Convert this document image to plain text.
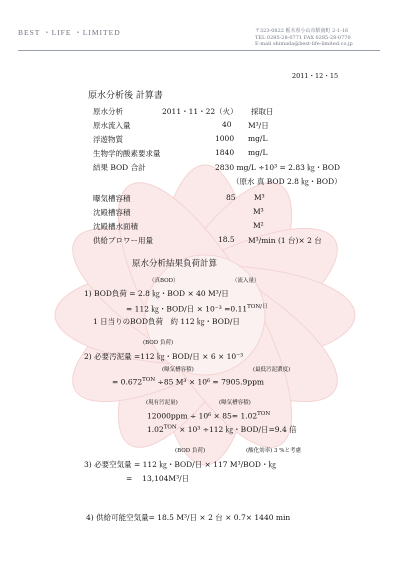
BEST ・LIFE ・LIMITED	〒323-0822 栃木県小山市駅南町 2-1-16
TEL 0285-28-0771 FAX 0285-28-0770
E-mail shimada@best-life-limited.co.jp
2011・12・15
原水分析後 計算書
原水分析	2011・11・22（火） 採取日
原水流入量	40 M³/日
浮遊物質	1000 mg/L
生物学的酸素要求量	1840 mg/L
結果 BOD 合計	2830 mg/L ÷10³ = 2.83 ㎏・BOD
（原水 真 BOD 2.8 ㎏・BOD）
曝気槽容積	85 M³
沈殿槽容積	M³
沈殿槽水面積	M²
供給ブロワー用量	18.5 M³/min (1 台)× 2 台
原水分析結果負荷計算
（真BOD）	（流入量）
1) BOD負荷 = 2.8 ㎏・BOD × 40 M³/日
= 112 ㎏・BOD/日 × $10^{-3} =0.11^{TON/日}$
1 日当りのBOD負荷　約 112 ㎏・BOD/日
(BOD 負荷)
2) 必要汚泥量 =112 ㎏・BOD/日 × 6 × 10⁻³
(曝気槽容積)	(最低汚泥濃度)
= $0.672^{TON} \div 85$ M³ × 10⁶ = 7905.9ppm
(現有汚泥量)	(曝気槽容積)
$12000ppm \div 10^6 \times 85= 1.02^{TON}$
$1.02^{TON} \times 10^3 \div 112$ ㎏・BOD/日=9.4 倍
(BOD 負荷)	(酸化効率) 3 %と考慮
3) 必要空気量 = 112 ㎏・BOD/日 × 117 M³/BOD・㎏
= 　13,104M³/日
4) 供給可能空気量= 18.5 M³/日 × 2 台 × 0.7× 1440 min
